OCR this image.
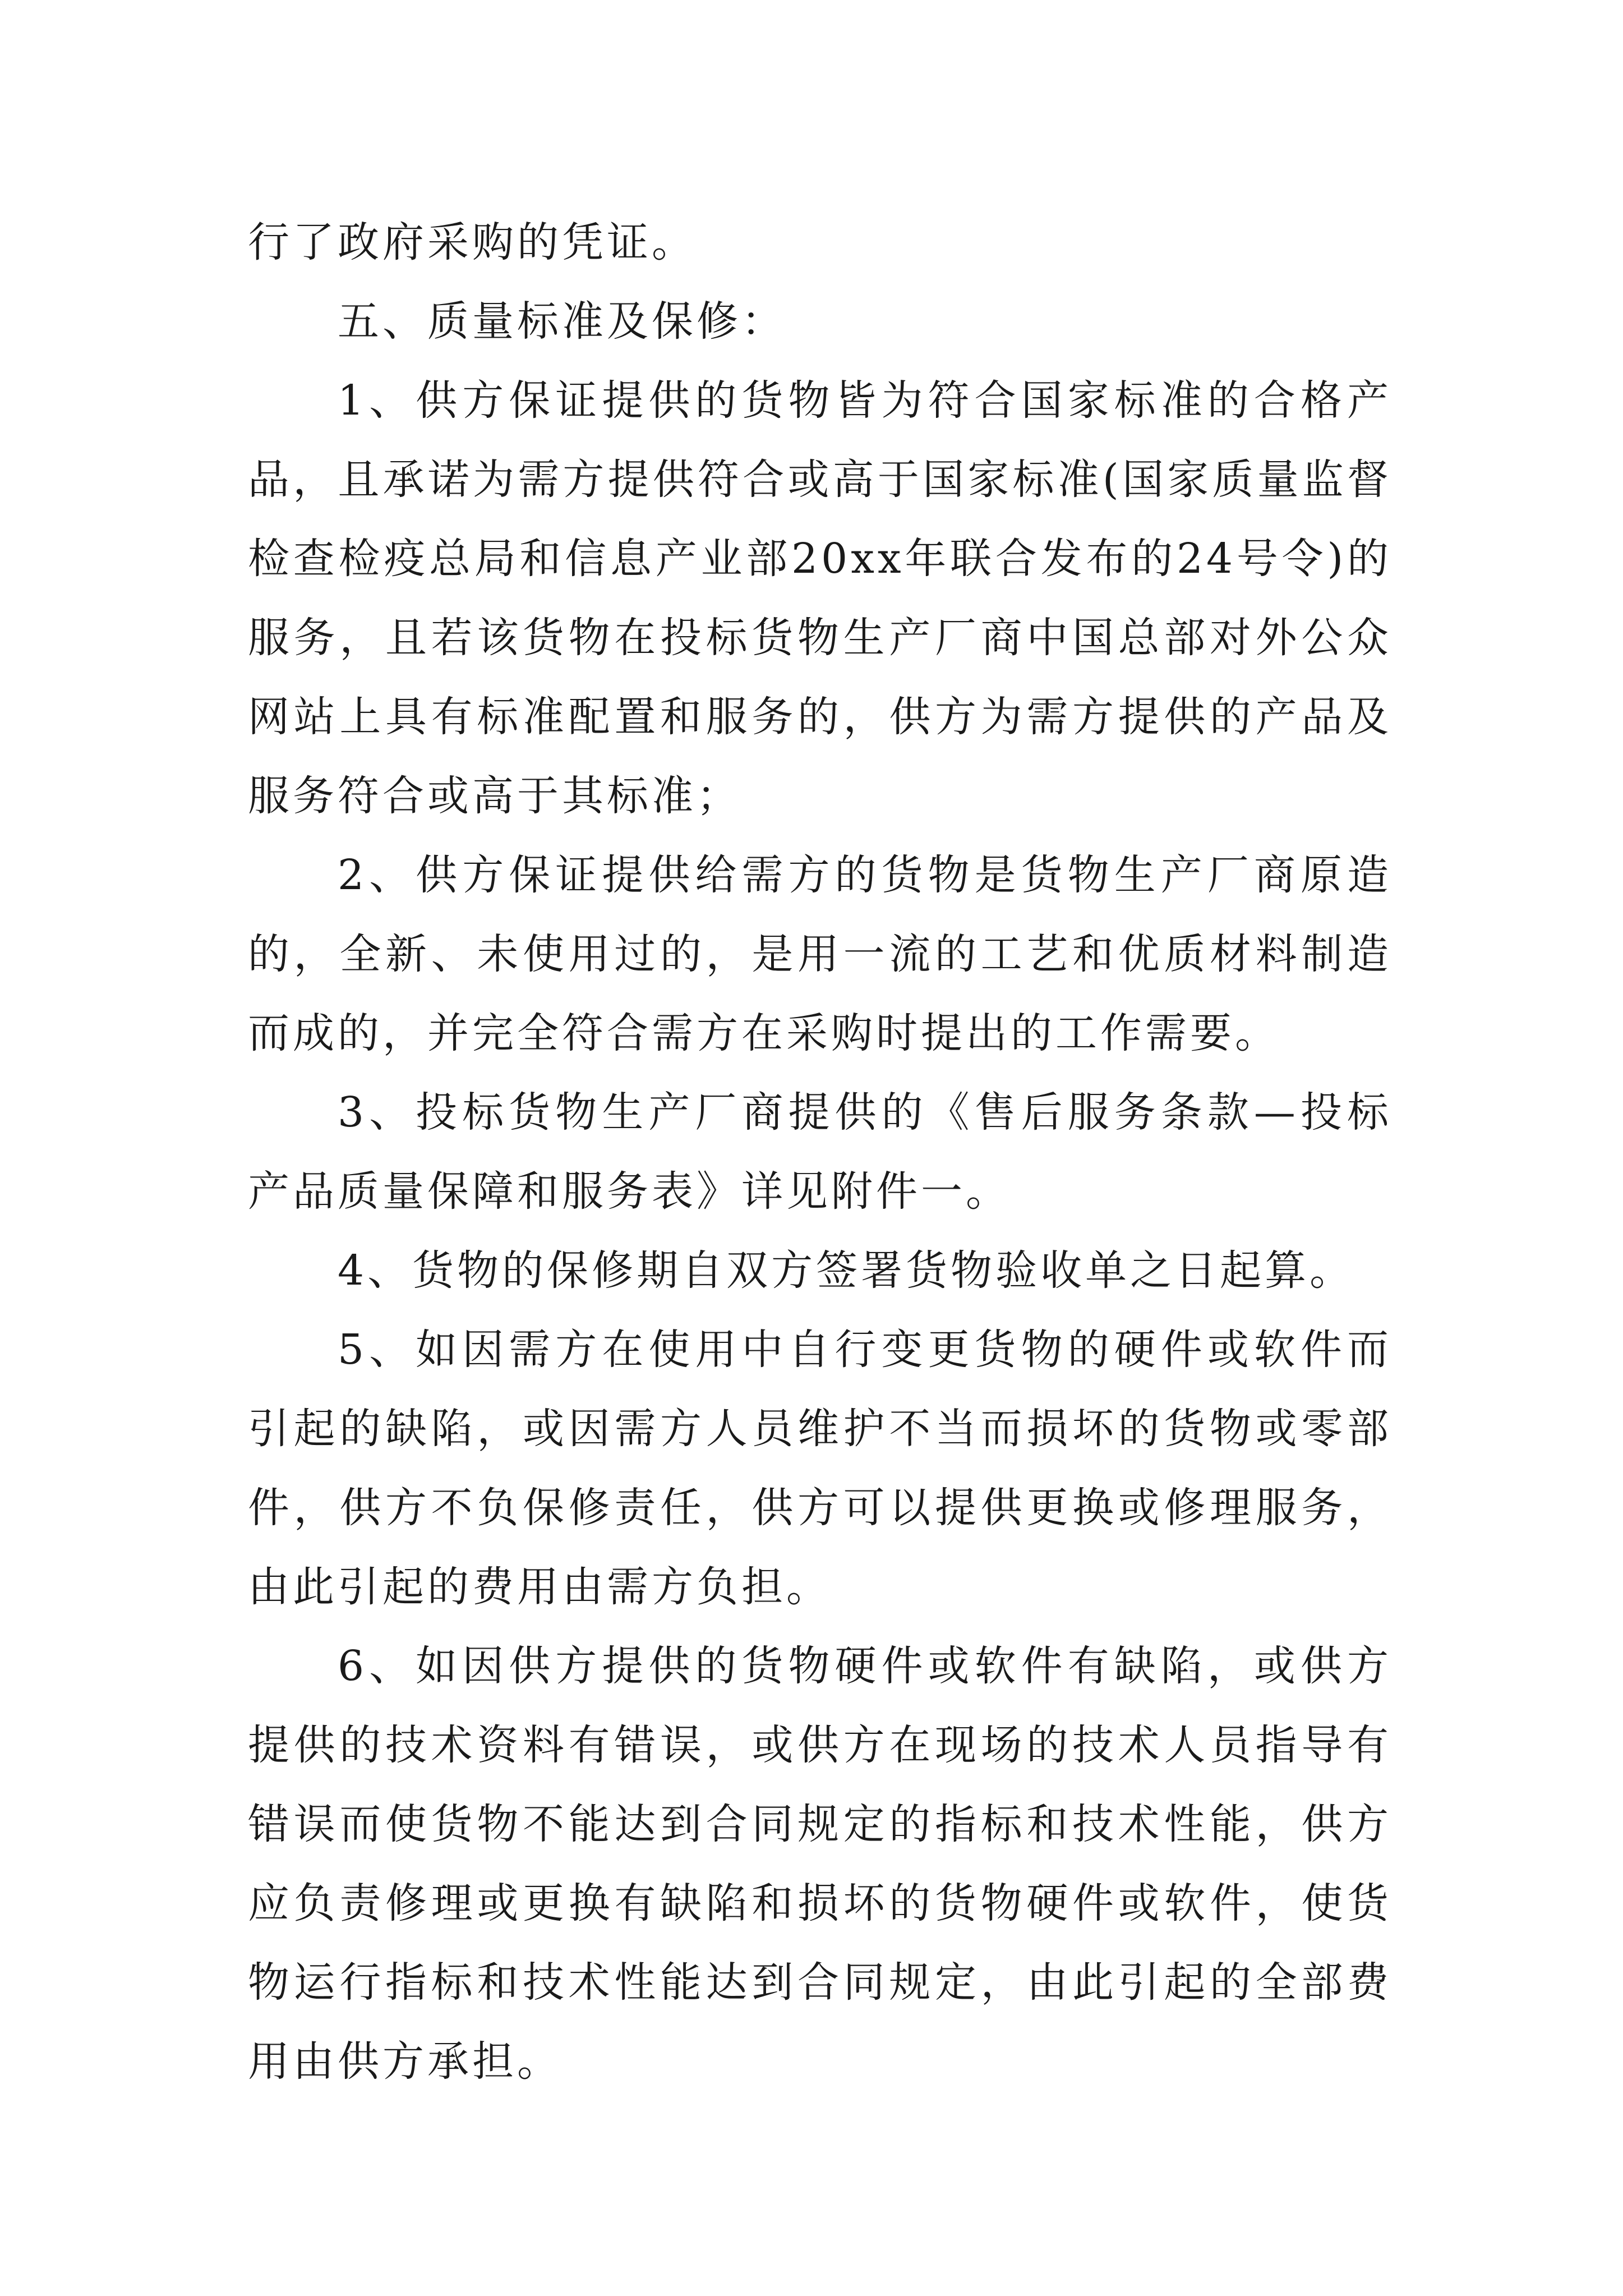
行了政府采购的凭证。

五、质量标准及保修：

1、供方保证提供的货物皆为符合国家标准的合格产品，且承诺为需方提供符合或高于国家标准(国家质量监督检查检疫总局和信息产业部20xx年联合发布的24号令)的服务，且若该货物在投标货物生产厂商中国总部对外公众网站上具有标准配置和服务的，供方为需方提供的产品及服务符合或高于其标准；

2、供方保证提供给需方的货物是货物生产厂商原造的，全新、未使用过的，是用一流的工艺和优质材料制造而成的，并完全符合需方在采购时提出的工作需要。

3、投标货物生产厂商提供的《售后服务条款—投标产品质量保障和服务表》详见附件一。

4、货物的保修期自双方签署货物验收单之日起算。

5、如因需方在使用中自行变更货物的硬件或软件而引起的缺陷，或因需方人员维护不当而损坏的货物或零部件，供方不负保修责任，供方可以提供更换或修理服务，由此引起的费用由需方负担。

6、如因供方提供的货物硬件或软件有缺陷，或供方提供的技术资料有错误，或供方在现场的技术人员指导有错误而使货物不能达到合同规定的指标和技术性能，供方应负责修理或更换有缺陷和损坏的货物硬件或软件，使货物运行指标和技术性能达到合同规定，由此引起的全部费用由供方承担。
